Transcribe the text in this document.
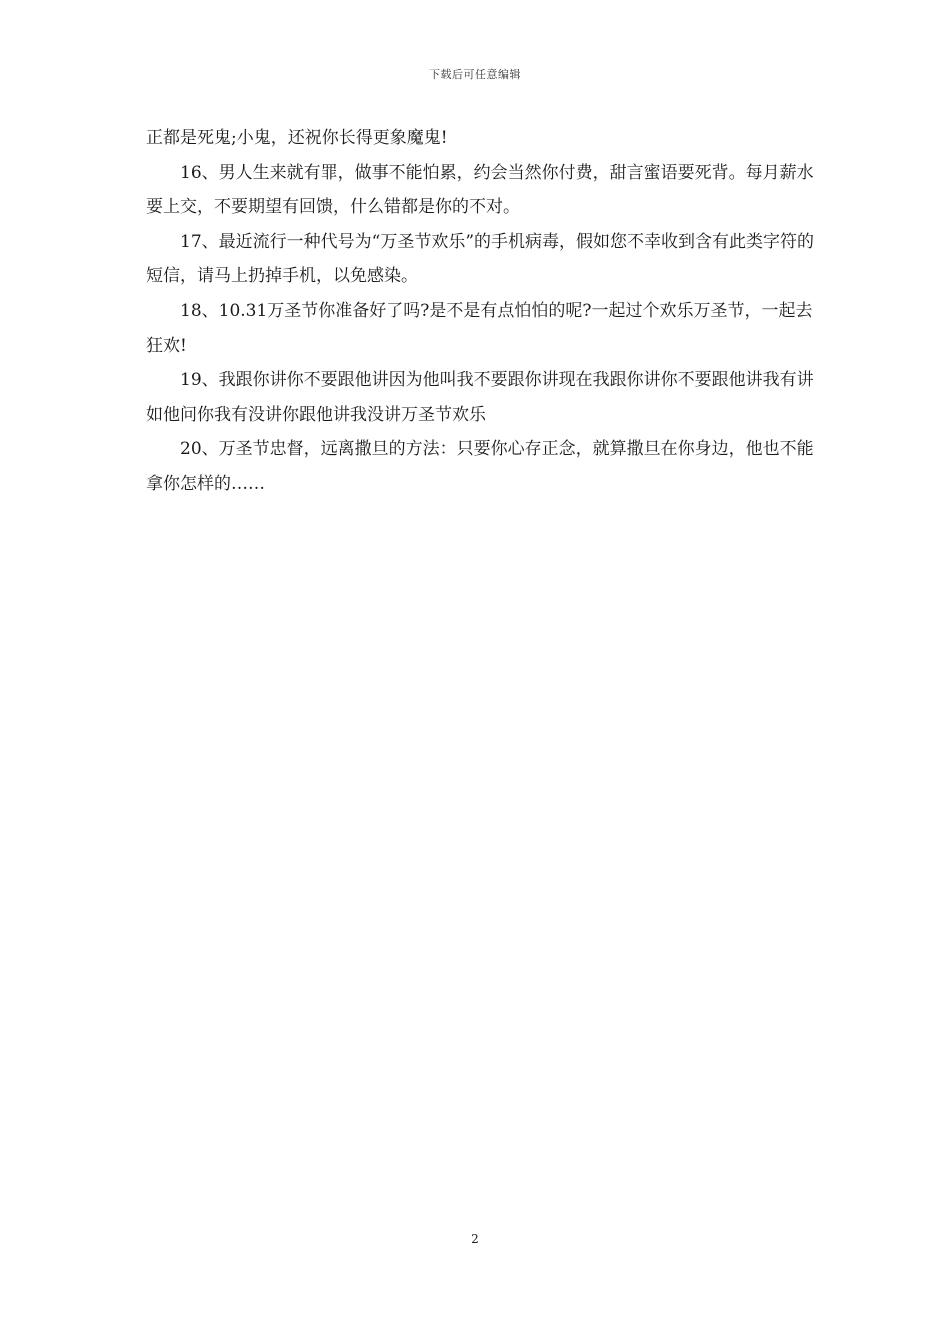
下载后可任意编辑

正都是死鬼;小鬼，还祝你长得更象魔鬼!

16、男人生来就有罪，做事不能怕累，约会当然你付费，甜言蜜语要死背。每月薪水要上交，不要期望有回馈，什么错都是你的不对。

17、最近流行一种代号为“万圣节欢乐”的手机病毒，假如您不幸收到含有此类字符的短信，请马上扔掉手机，以免感染。

18、10.31万圣节你准备好了吗?是不是有点怕怕的呢?一起过个欢乐万圣节，一起去狂欢!

19、我跟你讲你不要跟他讲因为他叫我不要跟你讲现在我跟你讲你不要跟他讲我有讲如他问你我有没讲你跟他讲我没讲万圣节欢乐

20、万圣节忠督，远离撒旦的方法：只要你心存正念，就算撒旦在你身边，他也不能拿你怎样的……

2
